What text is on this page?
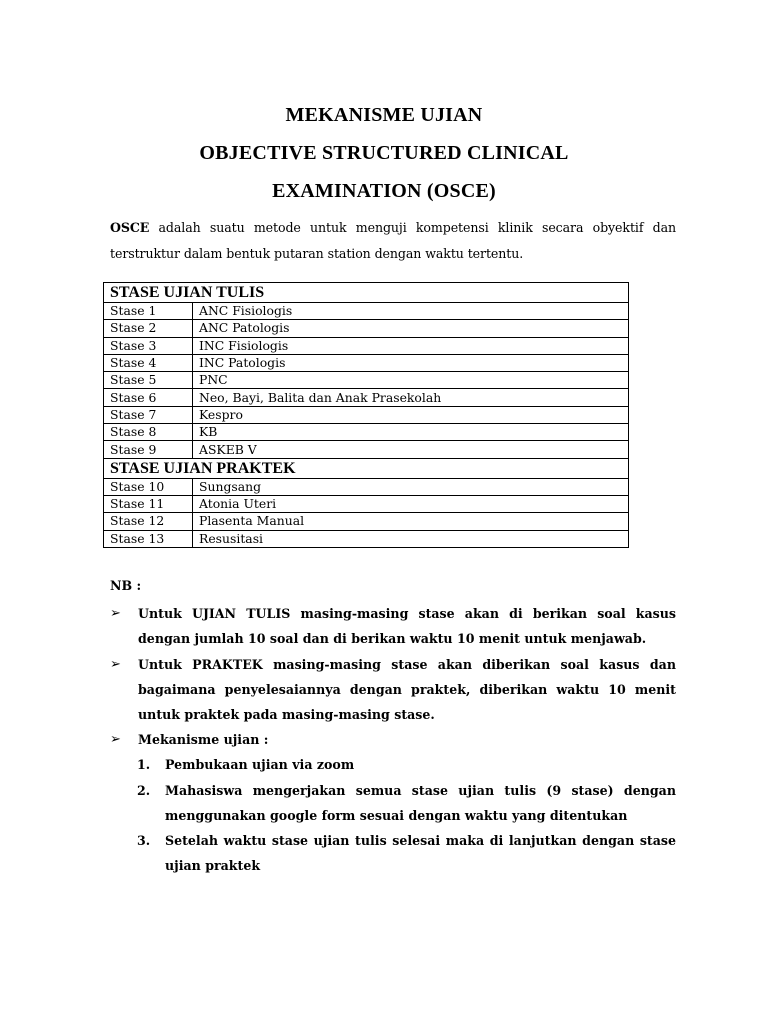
MEKANISME UJIAN
OBJECTIVE STRUCTURED CLINICAL
EXAMINATION (OSCE)
OSCE adalah suatu metode untuk menguji kompetensi klinik secara obyektif dan terstruktur dalam bentuk putaran station dengan waktu tertentu.
STASE UJIAN TULIS	
Stase 1	ANC Fisiologis
Stase 2	ANC Patologis
Stase 3	INC Fisiologis
Stase 4	INC Patologis
Stase 5	PNC
Stase 6	Neo, Bayi, Balita dan Anak Prasekolah
Stase 7	Kespro
Stase 8	KB
Stase 9	ASKEB V
STASE UJIAN PRAKTEK	
Stase 10	Sungsang
Stase 11	Atonia Uteri
Stase 12	Plasenta Manual
Stase 13	Resusitasi
NB :
➢	Untuk UJIAN TULIS masing-masing stase akan di berikan soal kasus dengan jumlah 10 soal dan di berikan waktu 10 menit untuk menjawab.
➢	Untuk PRAKTEK masing-masing stase akan diberikan soal kasus dan bagaimana penyelesaiannya dengan praktek, diberikan waktu 10 menit untuk praktek pada masing-masing stase.
➢	Mekanisme ujian :
1.	Pembukaan ujian via zoom
2.	Mahasiswa mengerjakan semua stase ujian tulis (9 stase) dengan menggunakan google form sesuai dengan waktu yang ditentukan
3.	Setelah waktu stase ujian tulis selesai maka di lanjutkan dengan stase ujian praktek
